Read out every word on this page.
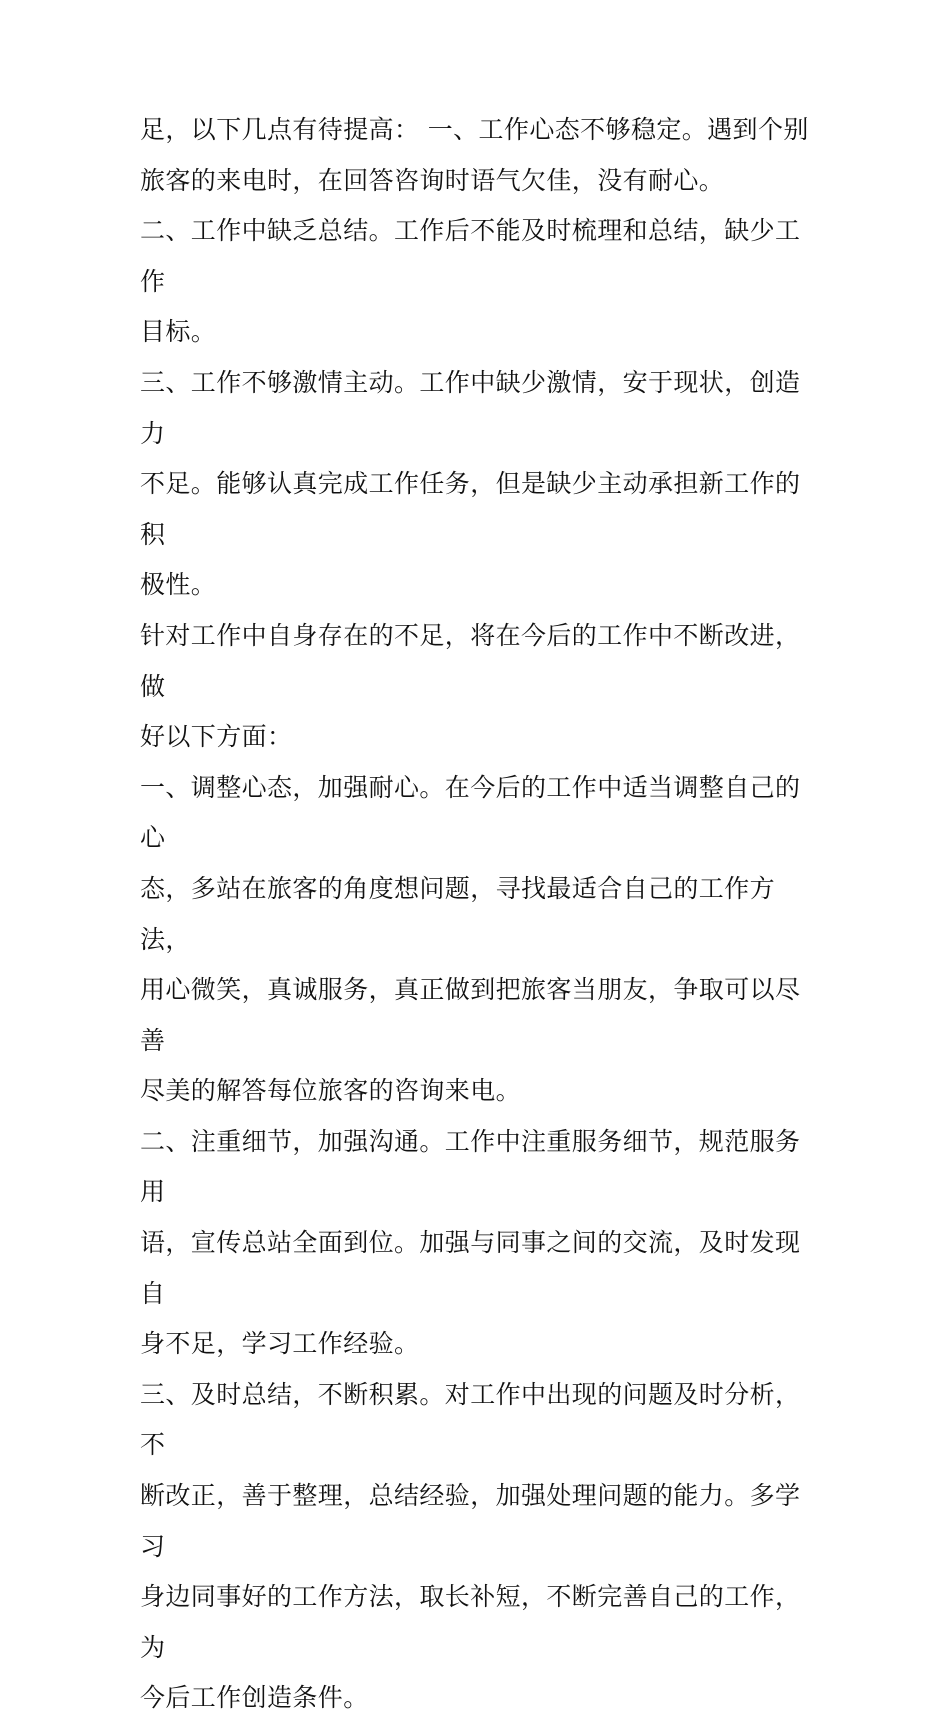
足，以下几点有待提高： 一、工作心态不够稳定。遇到个别
旅客的来电时，在回答咨询时语气欠佳，没有耐心。

二、工作中缺乏总结。工作后不能及时梳理和总结，缺少工作
目标。

三、工作不够激情主动。工作中缺少激情，安于现状，创造力
不足。能够认真完成工作任务，但是缺少主动承担新工作的积
极性。

针对工作中自身存在的不足，将在今后的工作中不断改进，做
好以下方面：

一、调整心态，加强耐心。在今后的工作中适当调整自己的心
态，多站在旅客的角度想问题，寻找最适合自己的工作方法，
用心微笑，真诚服务，真正做到把旅客当朋友，争取可以尽善
尽美的解答每位旅客的咨询来电。

二、注重细节，加强沟通。工作中注重服务细节，规范服务用
语，宣传总站全面到位。加强与同事之间的交流，及时发现自
身不足，学习工作经验。

三、及时总结，不断积累。对工作中出现的问题及时分析，不
断改正，善于整理，总结经验，加强处理问题的能力。多学习
身边同事好的工作方法，取长补短，不断完善自己的工作，为
今后工作创造条件。
